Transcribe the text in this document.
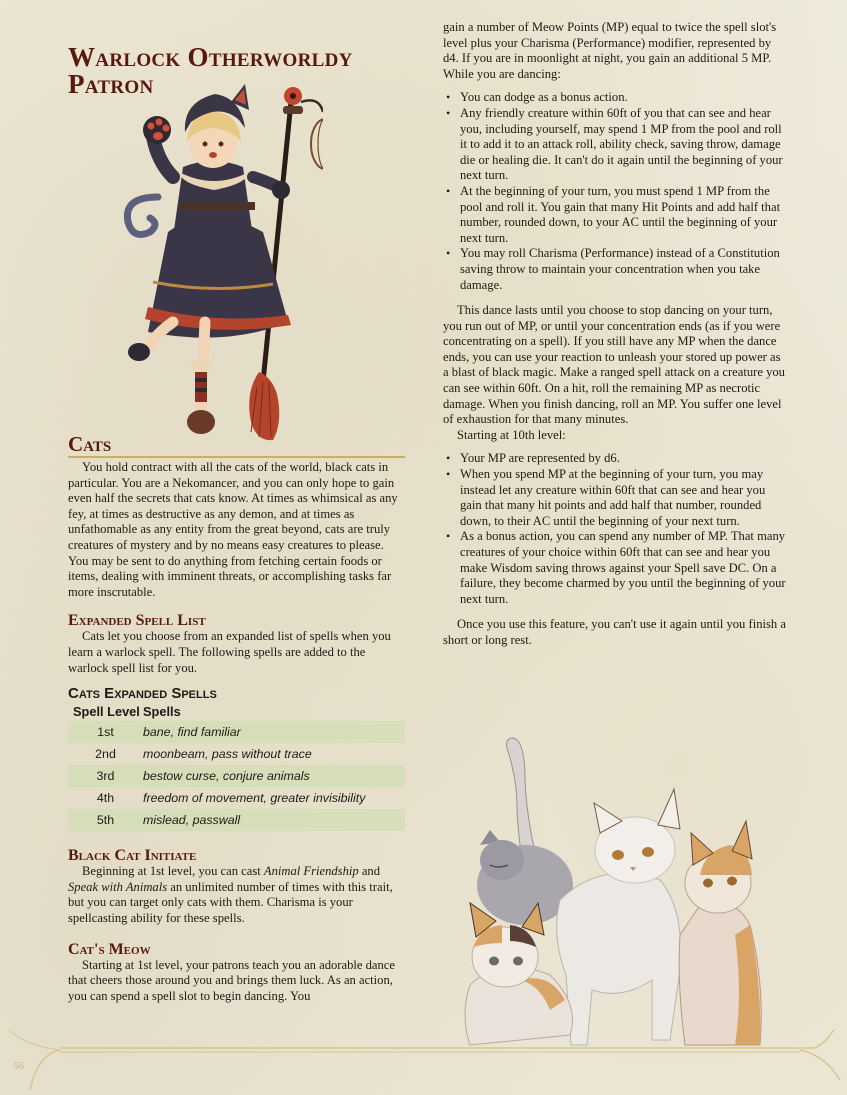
Warlock Otherworldy Patron
Cats

You hold contract with all the cats of the world, black cats in particular. You are a Nekomancer, and you can only hope to gain even half the secrets that cats know. At times as whimsical as any fey, at times as destructive as any demon, and at times as unfathomable as any entity from the great beyond, cats are truly creatures of mystery and by no means easy creatures to please. You may be sent to do anything from fetching certain foods or items, dealing with imminent threats, or accomplishing tasks far more inscrutable.

Expanded Spell List

Cats let you choose from an expanded list of spells when you learn a warlock spell. The following spells are added to the warlock spell list for you.

Cats Expanded Spells
Spell Level	Spells
1st	bane, find familiar
2nd	moonbeam, pass without trace
3rd	bestow curse, conjure animals
4th	freedom of movement, greater invisibility
5th	mislead, passwall
Black Cat Initiate

Beginning at 1st level, you can cast Animal Friendship and Speak with Animals an unlimited number of times with this trait, but you can target only cats with them. Charisma is your spellcasting ability for these spells.

Cat's Meow

Starting at 1st level, your patrons teach you an adorable dance that cheers those around you and brings them luck. As an action, you can spend a spell slot to begin dancing. You

gain a number of Meow Points (MP) equal to twice the spell slot's level plus your Charisma (Performance) modifier, represented by d4. If you are in moonlight at night, you gain an additional 5 MP. While you are dancing:

• You can dodge as a bonus action.
• Any friendly creature within 60ft of you that can see and hear you, including yourself, may spend 1 MP from the pool and roll it to add it to an attack roll, ability check, saving throw, damage die or healing die. It can't do it again until the beginning of your next turn.
• At the beginning of your turn, you must spend 1 MP from the pool and roll it. You gain that many Hit Points and add half that number, rounded down, to your AC until the beginning of your next turn.
• You may roll Charisma (Performance) instead of a Constitution saving throw to maintain your concentration when you take damage.

This dance lasts until you choose to stop dancing on your turn, you run out of MP, or until your concentration ends (as if you were concentrating on a spell). If you still have any MP when the dance ends, you can use your reaction to unleash your stored up power as a blast of black magic. Make a ranged spell attack on a creature you can see within 60ft. On a hit, roll the remaining MP as necrotic damage. When you finish dancing, roll an MP. You suffer one level of exhaustion for that many minutes.

Starting at 10th level:

• Your MP are represented by d6.
• When you spend MP at the beginning of your turn, you may instead let any creature within 60ft that can see and hear you gain that many hit points and add half that number, rounded down, to their AC until the beginning of your next turn.
• As a bonus action, you can spend any number of MP. That many creatures of your choice within 60ft that can see and hear you make Wisdom saving throws against your Spell save DC. On a failure, they become charmed by you until the beginning of your next turn.

Once you use this feature, you can't use it again until you finish a short or long rest.

56
